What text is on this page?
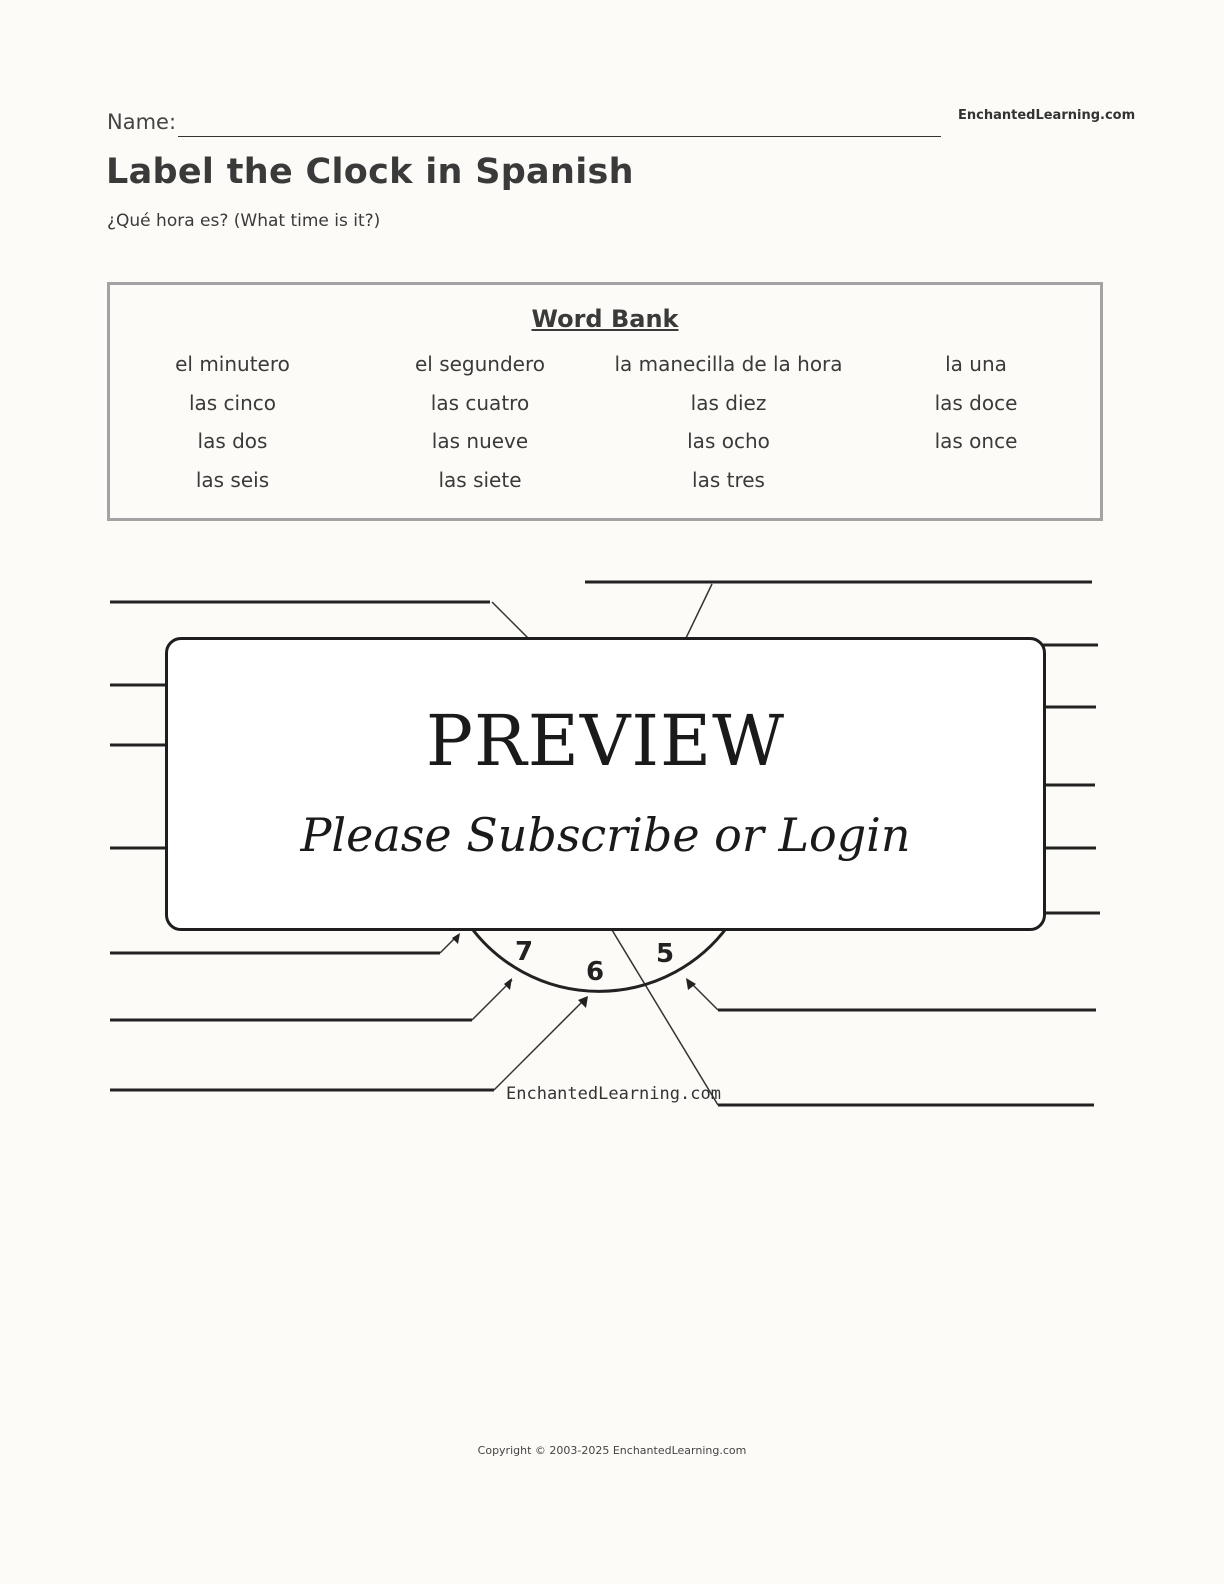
Name:	EnchantedLearning.com
Label the Clock in Spanish
¿Qué hora es? (What time is it?)
Word Bank
el minutero	el segundero	la manecilla de la hora	la una
las cinco	las cuatro	las diez	las doce
las dos	las nueve	las ocho	las once
las seis	las siete	las tres
7
6
5
EnchantedLearning.com
PREVIEW
Please Subscribe or Login
Copyright © 2003-2025 EnchantedLearning.com
